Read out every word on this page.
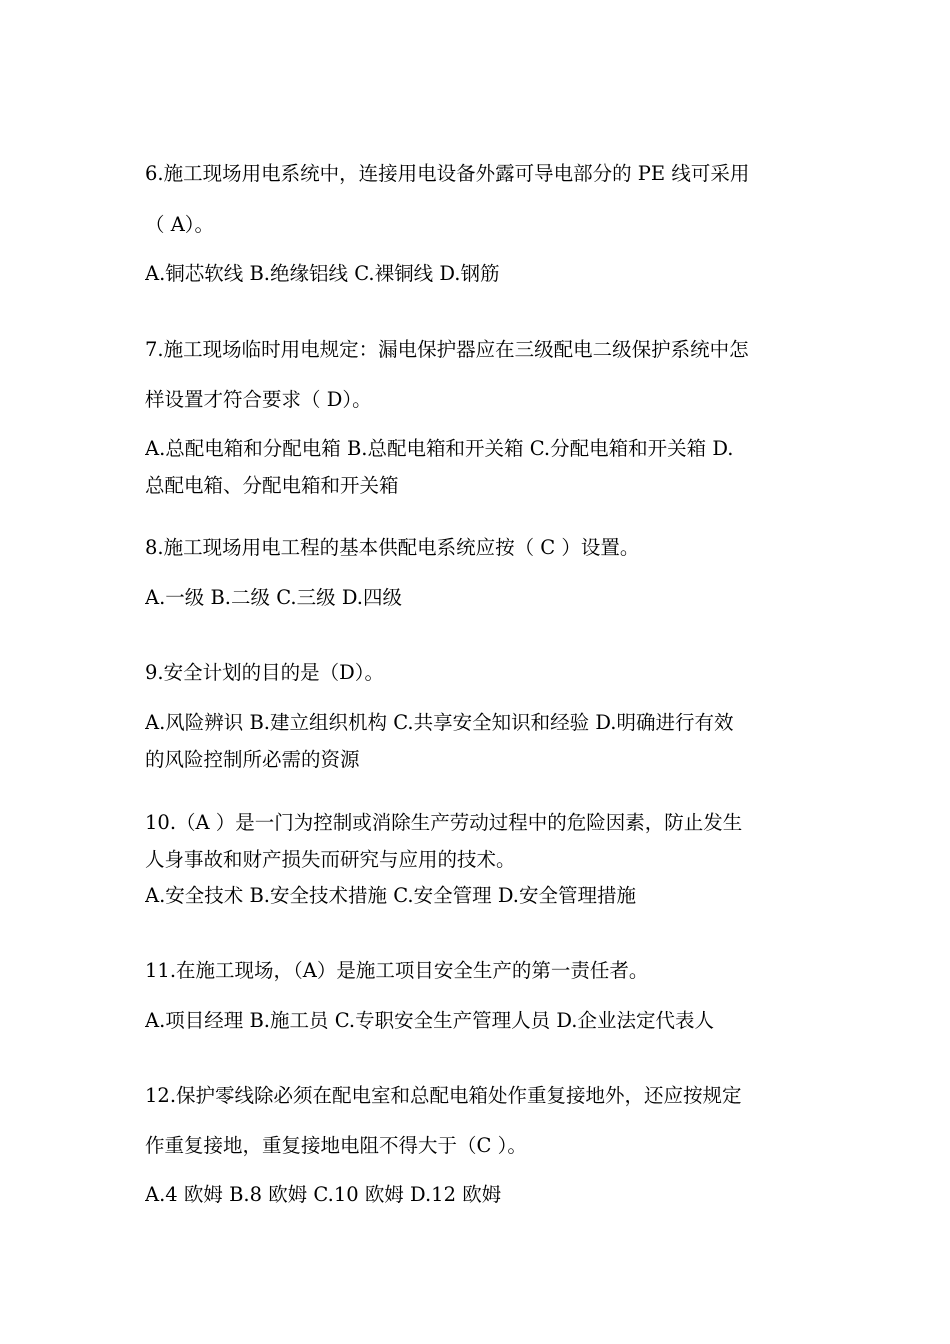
6.施工现场用电系统中，连接用电设备外露可导电部分的 PE 线可采用
（ A）。
A.铜芯软线 B.绝缘铝线 C.裸铜线 D.钢筋
7.施工现场临时用电规定：漏电保护器应在三级配电二级保护系统中怎
样设置才符合要求（ D）。
A.总配电箱和分配电箱 B.总配电箱和开关箱 C.分配电箱和开关箱 D.
总配电箱、分配电箱和开关箱
8.施工现场用电工程的基本供配电系统应按（ C ）设置。
A.一级 B.二级 C.三级 D.四级
9.安全计划的目的是（D）。
A.风险辨识 B.建立组织机构 C.共享安全知识和经验 D.明确进行有效
的风险控制所必需的资源
10.（A ）是一门为控制或消除生产劳动过程中的危险因素，防止发生
人身事故和财产损失而研究与应用的技术。
A.安全技术 B.安全技术措施 C.安全管理 D.安全管理措施
11.在施工现场，（A）是施工项目安全生产的第一责任者。
A.项目经理 B.施工员 C.专职安全生产管理人员 D.企业法定代表人
12.保护零线除必须在配电室和总配电箱处作重复接地外，还应按规定
作重复接地，重复接地电阻不得大于（C ）。
A.4 欧姆 B.8 欧姆 C.10 欧姆 D.12 欧姆
